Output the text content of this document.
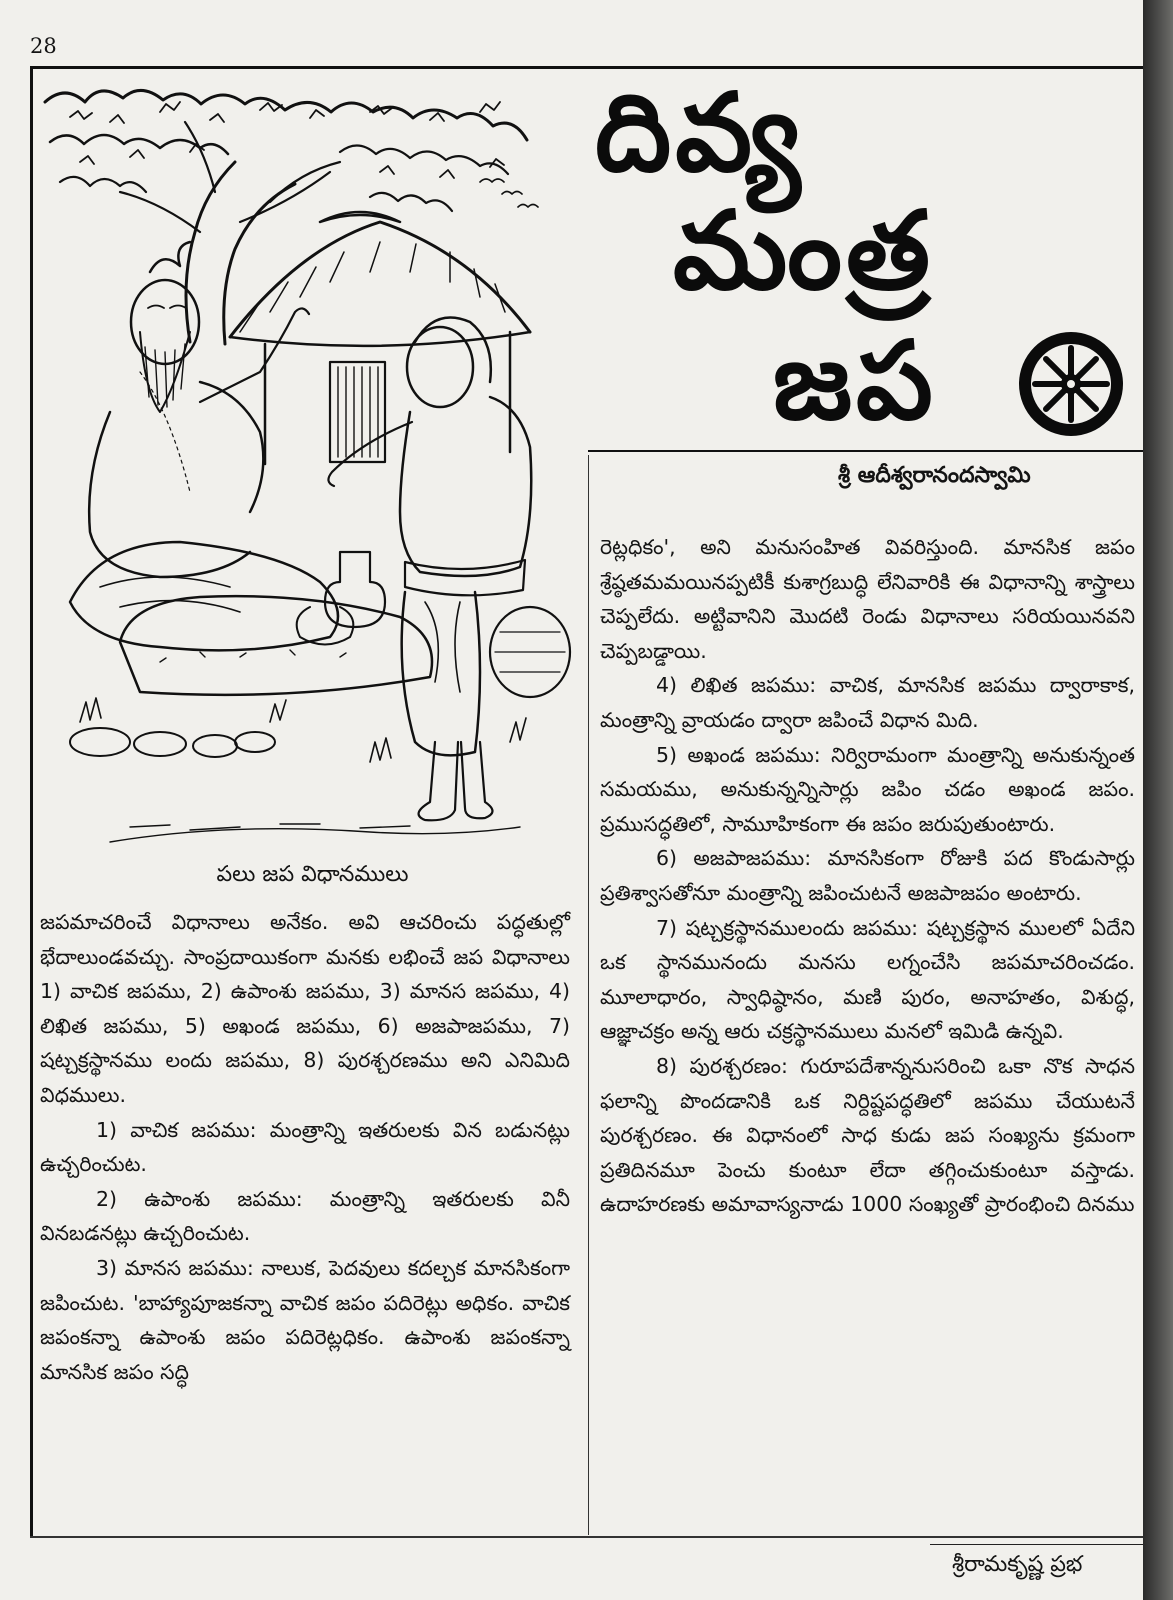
28
పలు జప విధానములు
దివ్య
మంత్ర
జప
శ్రీ ఆదీశ్వరానందస్వామి

జపమాచరించే విధానాలు అనేకం. అవి ఆచరించు పద్ధతుల్లో భేదాలుండవచ్చు. సాంప్రదాయికంగా మనకు లభించే జప విధానాలు 1) వాచిక జపము, 2) ఉపాంశు జపము, 3) మానస జపము, 4) లిఖిత జపము, 5) అఖండ జపము, 6) అజపాజపము, 7) షట్చక్రస్థానము లందు జపము, 8) పురశ్చరణము అని ఎనిమిది విధములు.

1) వాచిక జపము: మంత్రాన్ని ఇతరులకు విన బడునట్లు ఉచ్చరించుట.

2) ఉపాంశు జపము: మంత్రాన్ని ఇతరులకు వినీ వినబడనట్లు ఉచ్చరించుట.

3) మానస జపము: నాలుక, పెదవులు కదల్చక మానసికంగా జపించుట. 'బాహ్యాపూజకన్నా వాచిక జపం పదిరెట్లు అధికం. వాచిక జపంకన్నా ఉపాంశు జపం పదిరెట్లధికం. ఉపాంశు జపంకన్నా మానసిక జపం సద్ధి

రెట్లధికం', అని మనుసంహిత వివరిస్తుంది. మానసిక జపం శ్రేష్ఠతమమయినప్పటికీ కుశాగ్రబుద్ధి లేనివారికి ఈ విధానాన్ని శాస్త్రాలు చెప్పలేదు. అట్టివానిని మొదటి రెండు విధానాలు సరియయినవని చెప్పబడ్డాయి.

4) లిఖిత జపము: వాచిక, మానసిక జపము ద్వారాకాక, మంత్రాన్ని వ్రాయడం ద్వారా జపించే విధాన మిది.

5) అఖండ జపము: నిర్విరామంగా మంత్రాన్ని అనుకున్నంత సమయము, అనుకున్నన్నిసార్లు జపిం చడం అఖండ జపం. ప్రముసద్ధతిలో, సామూహికంగా ఈ జపం జరుపుతుంటారు.

6) అజపాజపము: మానసికంగా రోజుకి పద కొండుసార్లు ప్రతిశ్వాసతోనూ మంత్రాన్ని జపించుటనే అజపాజపం అంటారు.

7) షట్చక్రస్థానములందు జపము: షట్చక్రస్థాన ములలో ఏదేని ఒక స్థానమునందు మనసు లగ్నంచేసి జపమాచరించడం. మూలాధారం, స్వాధిష్ఠానం, మణి పురం, అనాహతం, విశుద్ధ, ఆజ్ఞాచక్రం అన్న ఆరు చక్రస్థానములు మనలో ఇమిడి ఉన్నవి.

8) పురశ్చరణం: గురూపదేశాన్ననుసరించి ఒకా నొక సాధన ఫలాన్ని పొందడానికి ఒక నిర్దిష్టపద్ధతిలో జపము చేయుటనే పురశ్చరణం. ఈ విధానంలో సాధ కుడు జప సంఖ్యను క్రమంగా ప్రతిదినమూ పెంచు కుంటూ లేదా తగ్గించుకుంటూ వస్తాడు. ఉదాహరణకు అమావాస్యనాడు 1000 సంఖ్యతో ప్రారంభించి దినము

శ్రీరామకృష్ణ ప్రభ
